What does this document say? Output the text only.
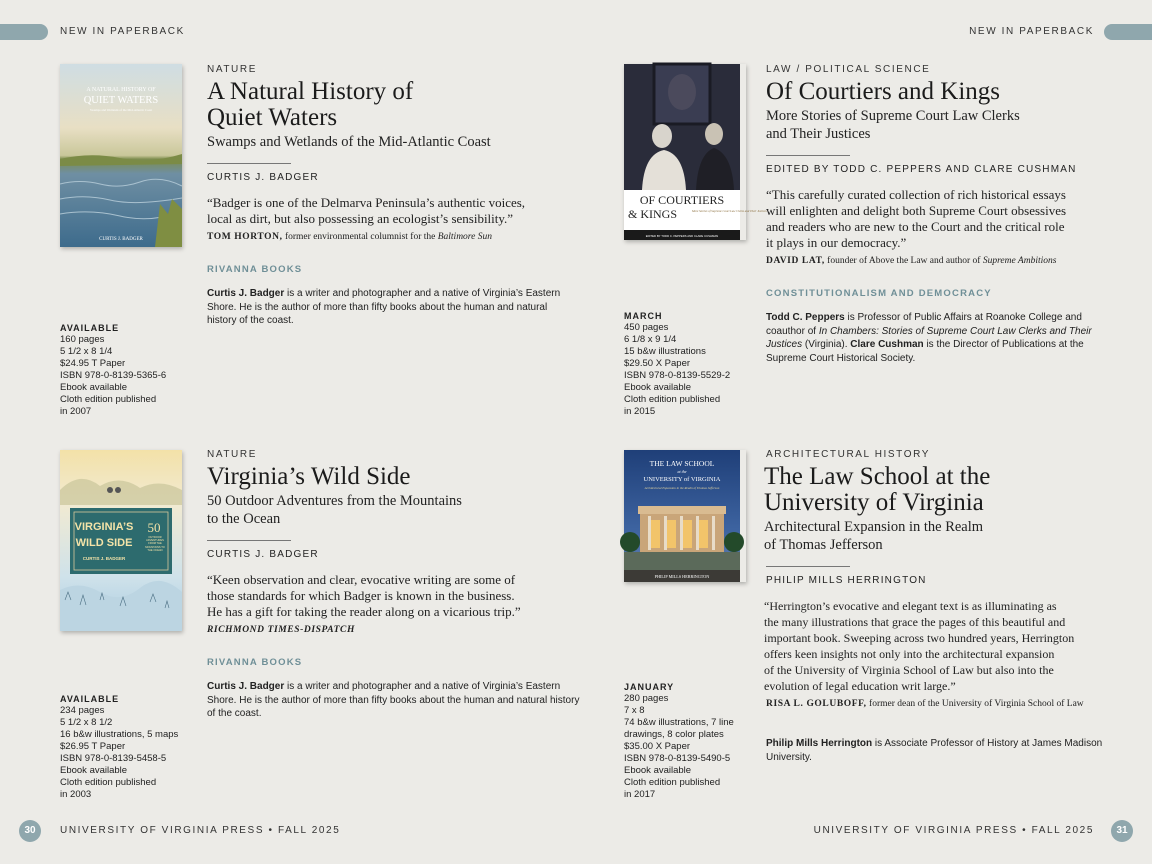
NEW IN PAPERBACK	NEW IN PAPERBACK
A NATURAL HISTORY OF
QUIET WATERS
Swamps and Wetlands of the Mid-Atlantic Coast
CURTIS J. BADGER
AVAILABLE
160 pages
5 1/2 x 8 1/4
$24.95 T Paper
ISBN 978-0-8139-5365-6
Ebook available
Cloth edition published
in 2007
NATURE
A Natural History of
Quiet Waters
Swamps and Wetlands of the Mid-Atlantic Coast
CURTIS J. BADGER
“Badger is one of the Delmarva Peninsula’s authentic voices,
local as dirt, but also possessing an ecologist’s sensibility.”
TOM HORTON, former environmental columnist for the Baltimore Sun
RIVANNA BOOKS

Curtis J. Badger is a writer and photographer and a native of Virginia’s Eastern Shore. He is the author of more than fifty books about the human and natural history of the coast.

OF COURTIERS
& KINGS	More Stories of Supreme Court Law Clerks and Their Justices
EDITED BY TODD C. PEPPERS AND CLARE CUSHMAN
MARCH
450 pages
6 1/8 x 9 1/4
15 b&w illustrations
$29.50 X Paper
ISBN 978-0-8139-5529-2
Ebook available
Cloth edition published
in 2015
LAW / POLITICAL SCIENCE
Of Courtiers and Kings
More Stories of Supreme Court Law Clerks
and Their Justices
EDITED BY TODD C. PEPPERS AND CLARE CUSHMAN
“This carefully curated collection of rich historical essays
will enlighten and delight both Supreme Court obsessives
and readers who are new to the Court and the critical role
it plays in our democracy.”
DAVID LAT, founder of Above the Law and author of Supreme Ambitions
CONSTITUTIONALISM AND DEMOCRACY

Todd C. Peppers is Professor of Public Affairs at Roanoke College and coauthor of In Chambers: Stories of Supreme Court Law Clerks and Their Justices (Virginia). Clare Cushman is the Director of Publications at the Supreme Court Historical Society.

VIRGINIA’S
WILD SIDE
50
OUTDOOR ADVENTURES FROM THE MOUNTAINS TO THE OCEAN
CURTIS J. BADGER
AVAILABLE
234 pages
5 1/2 x 8 1/2
16 b&w illustrations, 5 maps
$26.95 T Paper
ISBN 978-0-8139-5458-5
Ebook available
Cloth edition published
in 2003
NATURE
Virginia’s Wild Side
50 Outdoor Adventures from the Mountains
to the Ocean
CURTIS J. BADGER
“Keen observation and clear, evocative writing are some of
those standards for which Badger is known in the business.
He has a gift for taking the reader along on a vicarious trip.”
RICHMOND TIMES-DISPATCH
RIVANNA BOOKS

Curtis J. Badger is a writer and photographer and a native of Virginia’s Eastern Shore. He is the author of more than fifty books about the human and natural history of the coast.

THE LAW SCHOOL
at the
UNIVERSITY of VIRGINIA
Architectural Expansion in the Realm of Thomas Jefferson
PHILIP MILLS HERRINGTON
JANUARY
280 pages
7 x 8
74 b&w illustrations, 7 line
drawings, 8 color plates
$35.00 X Paper
ISBN 978-0-8139-5490-5
Ebook available
Cloth edition published
in 2017
ARCHITECTURAL HISTORY
The Law School at the
University of Virginia
Architectural Expansion in the Realm
of Thomas Jefferson
PHILIP MILLS HERRINGTON
“Herrington’s evocative and elegant text is as illuminating as
the many illustrations that grace the pages of this beautiful and
important book. Sweeping across two hundred years, Herrington
offers keen insights not only into the architectural expansion
of the University of Virginia School of Law but also into the
evolution of legal education writ large.”
RISA L. GOLUBOFF, former dean of the University of Virginia School of Law

Philip Mills Herrington is Associate Professor of History at James Madison University.

30	UNIVERSITY OF VIRGINIA PRESS • FALL 2025	UNIVERSITY OF VIRGINIA PRESS • FALL 2025	31
